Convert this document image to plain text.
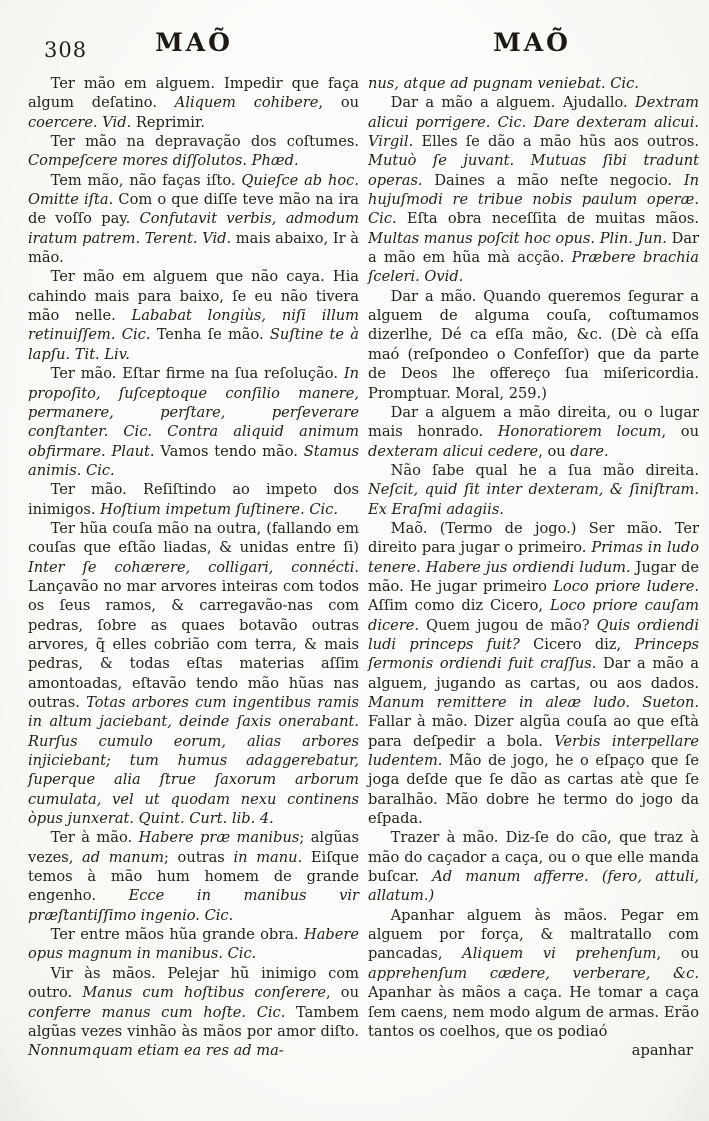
308	MAÕ	MAÕ

Ter mão em alguem. Impedir que faça algum deſatino. Aliquem cohibere, ou coercere. Vid. Reprimir.

Ter mão na depravação dos coſtumes. Compeſcere mores diſſolutos. Phæd.

Tem mão, não faças iſto. Quieſce ab hoc. Omitte iſta. Com o que diſſe teve mão na ira de voſſo pay. Confutavit verbis, admodum iratum patrem. Terent. Vid. mais abaixo, Ir à mão.

Ter mão em alguem que não caya. Hia cahindo mais para baixo, ſe eu não tivera mão nelle. Lababat longiùs, niſi illum retinuiſſem. Cic. Tenha ſe mão. Suſtine te à lapſu. Tit. Liv.

Ter mão. Eſtar firme na ſua reſolução. In propoſito, ſuſceptoque conſilio manere, permanere, perſtare, perſeverare conſtanter. Cic. Contra aliquid animum obfirmare. Plaut. Vamos tendo mão. Stamus animis. Cic.

Ter mão. Reſiſtindo ao impeto dos inimigos. Hoſtium impetum ſuſtinere. Cic.

Ter hũa couſa mão na outra, (fallando em couſas que eſtão liadas, & unidas entre ſi) Inter ſe cohærere, colligari, connécti. Lançavão no mar arvores inteiras com todos os ſeus ramos, & carregavão-nas com pedras, ſobre as quaes botavão outras arvores, q̃ elles cobrião com terra, & mais pedras, & todas eſtas materias aſſim amontoadas, eſtavão tendo mão hũas nas outras. Totas arbores cum ingentibus ramis in altum jaciebant, deinde ſaxis onerabant. Rurſus cumulo eorum, alias arbores injiciebant; tum humus adaggerebatur, ſuperque alia ſtrue ſaxorum arborum cumulata, vel ut quodam nexu continens òpus junxerat. Quint. Curt. lib. 4.

Ter à mão. Habere præ manibus; algũas vezes, ad manum; outras in manu. Eiſque temos à mão hum homem de grande engenho. Ecce in manibus vir præſtantiſſimo ingenio. Cic.

Ter entre mãos hũa grande obra. Habere opus magnum in manibus. Cic.

Vir às mãos. Pelejar hũ inimigo com outro. Manus cum hoſtibus conſerere, ou conferre manus cum hoſte. Cic. Tambem algũas vezes vinhão às mãos por amor diſto. Nonnumquam etiam ea res ad ma-

nus, atque ad pugnam veniebat. Cic.

Dar a mão a alguem. Ajudallo. Dextram alicui porrigere. Cic. Dare dexteram alicui. Virgil. Elles ſe dão a mão hũs aos outros. Mutuò ſe juvant. Mutuas ſibi tradunt operas. Daines a mão neſte negocio. In hujuſmodi re tribue nobis paulum operæ. Cic. Eſta obra neceſſita de muitas mãos. Multas manus poſcit hoc opus. Plin. Jun. Dar a mão em hũa mà acção. Præbere brachia ſceleri. Ovid.

Dar a mão. Quando queremos ſegurar a alguem de alguma couſa, coſtumamos dizerlhe, Dé ca eſſa mão, &c. (Dè cà eſſa maó (reſpondeo o Confeſſor) que da parte de Deos lhe offereço ſua miſericordia. Promptuar. Moral, 259.)

Dar a alguem a mão direita, ou o lugar mais honrado. Honoratiorem locum, ou dexteram alicui cedere, ou dare.

Não ſabe qual he a ſua mão direita. Neſcit, quid ſit inter dexteram, & ſiniſtram. Ex Eraſmi adagiis.

Maõ. (Termo de jogo.) Ser mão. Ter direito para jugar o primeiro. Primas in ludo tenere. Habere jus ordiendi ludum. Jugar de mão. He jugar primeiro Loco priore ludere. Aſſim como diz Cicero, Loco priore cauſam dicere. Quem jugou de mão? Quis ordiendi ludi princeps fuit? Cicero diz, Princeps ſermonis ordiendi fuit craſſus. Dar a mão a alguem, jugando as cartas, ou aos dados. Manum remittere in aleæ ludo. Sueton. Fallar à mão. Dizer algũa couſa ao que eſtà para deſpedir a bola. Verbis interpellare ludentem. Mão de jogo, he o eſpaço que ſe joga deſde que ſe dão as cartas atè que ſe baralhão. Mão dobre he termo do jogo da eſpada.

Trazer à mão. Diz-ſe do cão, que traz à mão do caçador a caça, ou o que elle manda buſcar. Ad manum afferre. (fero, attuli, allatum.)

Apanhar alguem às mãos. Pegar em alguem por força, & maltratallo com pancadas, Aliquem vi prehenſum, ou apprehenſum cædere, verberare, &c. Apanhar às mãos a caça. He tomar a caça ſem caens, nem modo algum de armas. Erão tantos os coelhos, que os podiaó

apanhar
